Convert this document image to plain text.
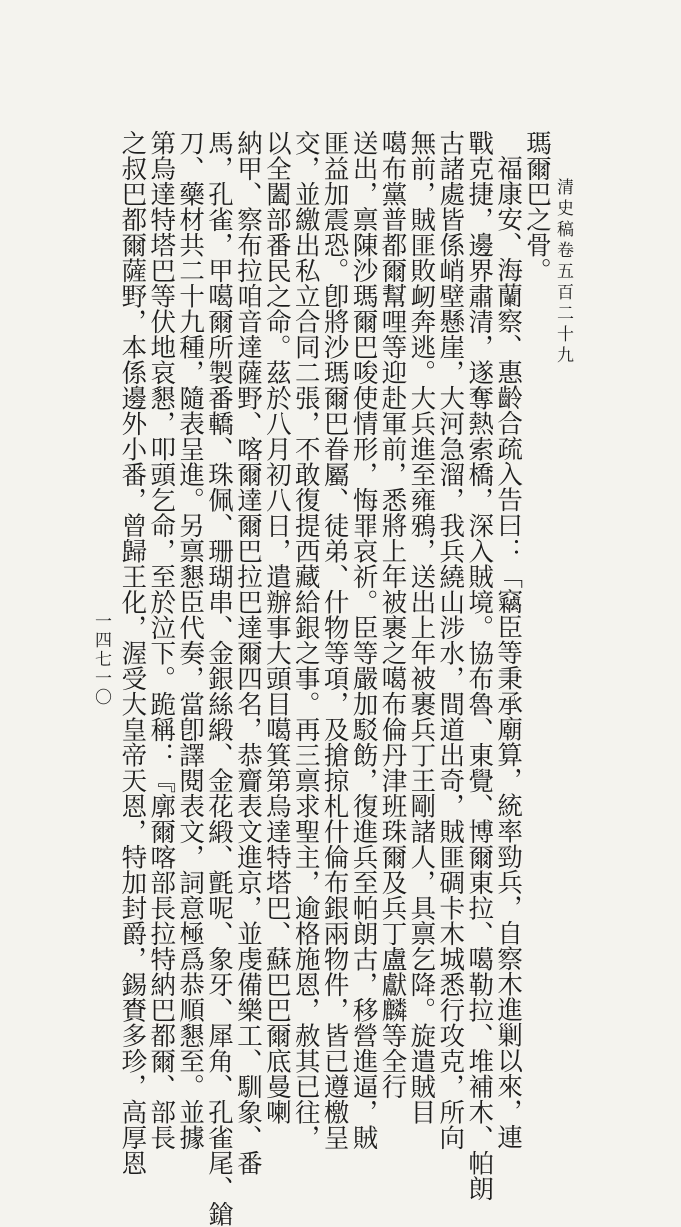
清史稿卷五百二十九
瑪爾巴之骨。
福康安、海蘭察、惠齡合疏入告曰：「竊臣等秉承廟算，統率勁兵，自察木進剿以來，連
戰克捷，邊界肅清，遂奪熱索橋，深入賊境。協布魯、東覺、博爾東拉、噶勒拉、堆補木、帕朗
古諸處皆係峭壁懸崖，大河急溜，我兵繞山涉水，間道出奇，賊匪碉卡木城悉行攻克，所向
無前，賊匪敗衂奔逃。大兵進至雍鴉，送出上年被裹兵丁王剛諸人，具禀乞降。旋遣賊目
噶布黨普都爾幫哩等迎赴軍前，悉將上年被裹之噶布倫丹津班珠爾及兵丁盧獻麟等全行
送出，禀陳沙瑪爾巴唆使情形，悔罪哀祈。臣等嚴加駁飭，復進兵至帕朗古，移營進逼，賊
匪益加震恐。卽將沙瑪爾巴眷屬、徒弟、什物等項，及搶掠札什倫布銀兩物件，皆已遵檄呈
交，並繳出私立合同二張，不敢復提西藏給銀之事。再三禀求聖主，逾格施恩，赦其已往，
以全闔部番民之命。茲於八月初八日，遣辦事大頭目噶箕第烏達特塔巴、蘇巴巴爾底曼喇
納甲、察布拉咱音達薩野、喀爾達爾巴拉巴達爾四名，恭齎表文進京，並虔備樂工、馴象、番
馬，孔雀，甲噶爾所製番轎、珠佩、珊瑚串、金銀絲緞、金花緞、氈呢、象牙、犀角、孔雀尾、鎗
刀、藥材共二十九種，隨表呈進。另禀懇臣代奏，當卽譯閱表文，詞意極爲恭順懇至。並據
第烏達特塔巴等伏地哀懇，叩頭乞命，至於泣下。跪稱：『廓爾喀部長拉特納巴都爾、部長
之叔巴都爾薩野，本係邊外小番，曾歸王化，渥受大皇帝天恩，特加封爵，錫賚多珍，高厚恩
一四七一〇
